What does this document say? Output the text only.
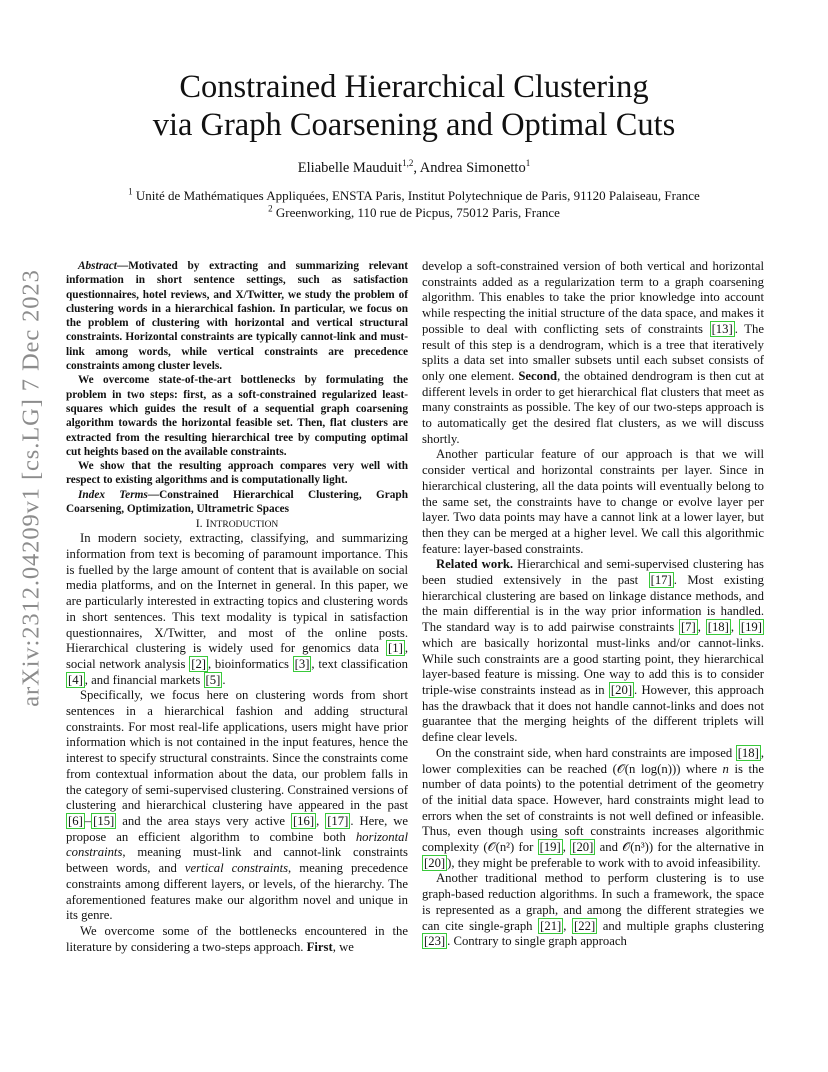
arXiv:2312.04209v1 [cs.LG] 7 Dec 2023
Constrained Hierarchical Clustering
via Graph Coarsening and Optimal Cuts
Eliabelle Mauduit$^{1,2}$, Andrea Simonetto$^1$
$^1$ Unité de Mathématiques Appliquées, ENSTA Paris, Institut Polytechnique de Paris, 91120 Palaiseau, France
$^2$ Greenworking, 110 rue de Picpus, 75012 Paris, France

Abstract—Motivated by extracting and summarizing relevant information in short sentence settings, such as satisfaction questionnaires, hotel reviews, and X/Twitter, we study the problem of clustering words in a hierarchical fashion. In particular, we focus on the problem of clustering with horizontal and vertical structural constraints. Horizontal constraints are typically cannot-link and must-link among words, while vertical constraints are precedence constraints among cluster levels.

We overcome state-of-the-art bottlenecks by formulating the problem in two steps: first, as a soft-constrained regularized least-squares which guides the result of a sequential graph coarsening algorithm towards the horizontal feasible set. Then, flat clusters are extracted from the resulting hierarchical tree by computing optimal cut heights based on the available constraints.

We show that the resulting approach compares very well with respect to existing algorithms and is computationally light.

Index Terms—Constrained Hierarchical Clustering, Graph Coarsening, Optimization, Ultrametric Spaces

I. INTRODUCTION

In modern society, extracting, classifying, and summarizing information from text is becoming of paramount importance. This is fuelled by the large amount of content that is available on social media platforms, and on the Internet in general. In this paper, we are particularly interested in extracting topics and clustering words in short sentences. This text modality is typical in satisfaction questionnaires, X/Twitter, and most of the online posts. Hierarchical clustering is widely used for genomics data [1] , social network analysis [2] , bioinformatics [3] , text classification [4] , and financial markets [5] .

Specifically, we focus here on clustering words from short sentences in a hierarchical fashion and adding structural constraints. For most real-life applications, users might have prior information which is not contained in the input features, hence the interest to specify structural constraints. Since the constraints come from contextual information about the data, our problem falls in the category of semi-supervised clustering. Constrained versions of clustering and hierarchical clustering have appeared in the past [6] – [15] and the area stays very active [16] , [17] . Here, we propose an efficient algorithm to combine both horizontal constraints, meaning must-link and cannot-link constraints between words, and vertical constraints, meaning precedence constraints among different layers, or levels, of the hierarchy. The aforementioned features make our algorithm novel and unique in its genre.

We overcome some of the bottlenecks encountered in the literature by considering a two-steps approach. First, we

develop a soft-constrained version of both vertical and horizontal constraints added as a regularization term to a graph coarsening algorithm. This enables to take the prior knowledge into account while respecting the initial structure of the data space, and makes it possible to deal with conflicting sets of constraints [13] . The result of this step is a dendrogram, which is a tree that iteratively splits a data set into smaller subsets until each subset consists of only one element. Second, the obtained dendrogram is then cut at different levels in order to get hierarchical flat clusters that meet as many constraints as possible. The key of our two-steps approach is to automatically get the desired flat clusters, as we will discuss shortly.

Another particular feature of our approach is that we will consider vertical and horizontal constraints per layer. Since in hierarchical clustering, all the data points will eventually belong to the same set, the constraints have to change or evolve layer per layer. Two data points may have a cannot link at a lower layer, but then they can be merged at a higher level. We call this algorithmic feature: layer-based constraints.

Related work. Hierarchical and semi-supervised clustering has been studied extensively in the past [17] . Most existing hierarchical clustering are based on linkage distance methods, and the main differential is in the way prior information is handled. The standard way is to add pairwise constraints [7] , [18] , [19] which are basically horizontal must-links and/or cannot-links. While such constraints are a good starting point, they hierarchical layer-based feature is missing. One way to add this is to consider triple-wise constraints instead as in [20] . However, this approach has the drawback that it does not handle cannot-links and does not guarantee that the merging heights of the different triplets will define clear levels.

On the constraint side, when hard constraints are imposed [18] , lower complexities can be reached (𝒪(n log(n))) where n is the number of data points) to the potential detriment of the geometry of the initial data space. However, hard constraints might lead to errors when the set of constraints is not well defined or infeasible. Thus, even though using soft constraints increases algorithmic complexity (𝒪(n²) for [19] , [20] and 𝒪(n³)) for the alternative in [20] ), they might be preferable to work with to avoid infeasibility.

Another traditional method to perform clustering is to use graph-based reduction algorithms. In such a framework, the space is represented as a graph, and among the different strategies we can cite single-graph [21] , [22] and multiple graphs clustering [23] . Contrary to single graph approach
